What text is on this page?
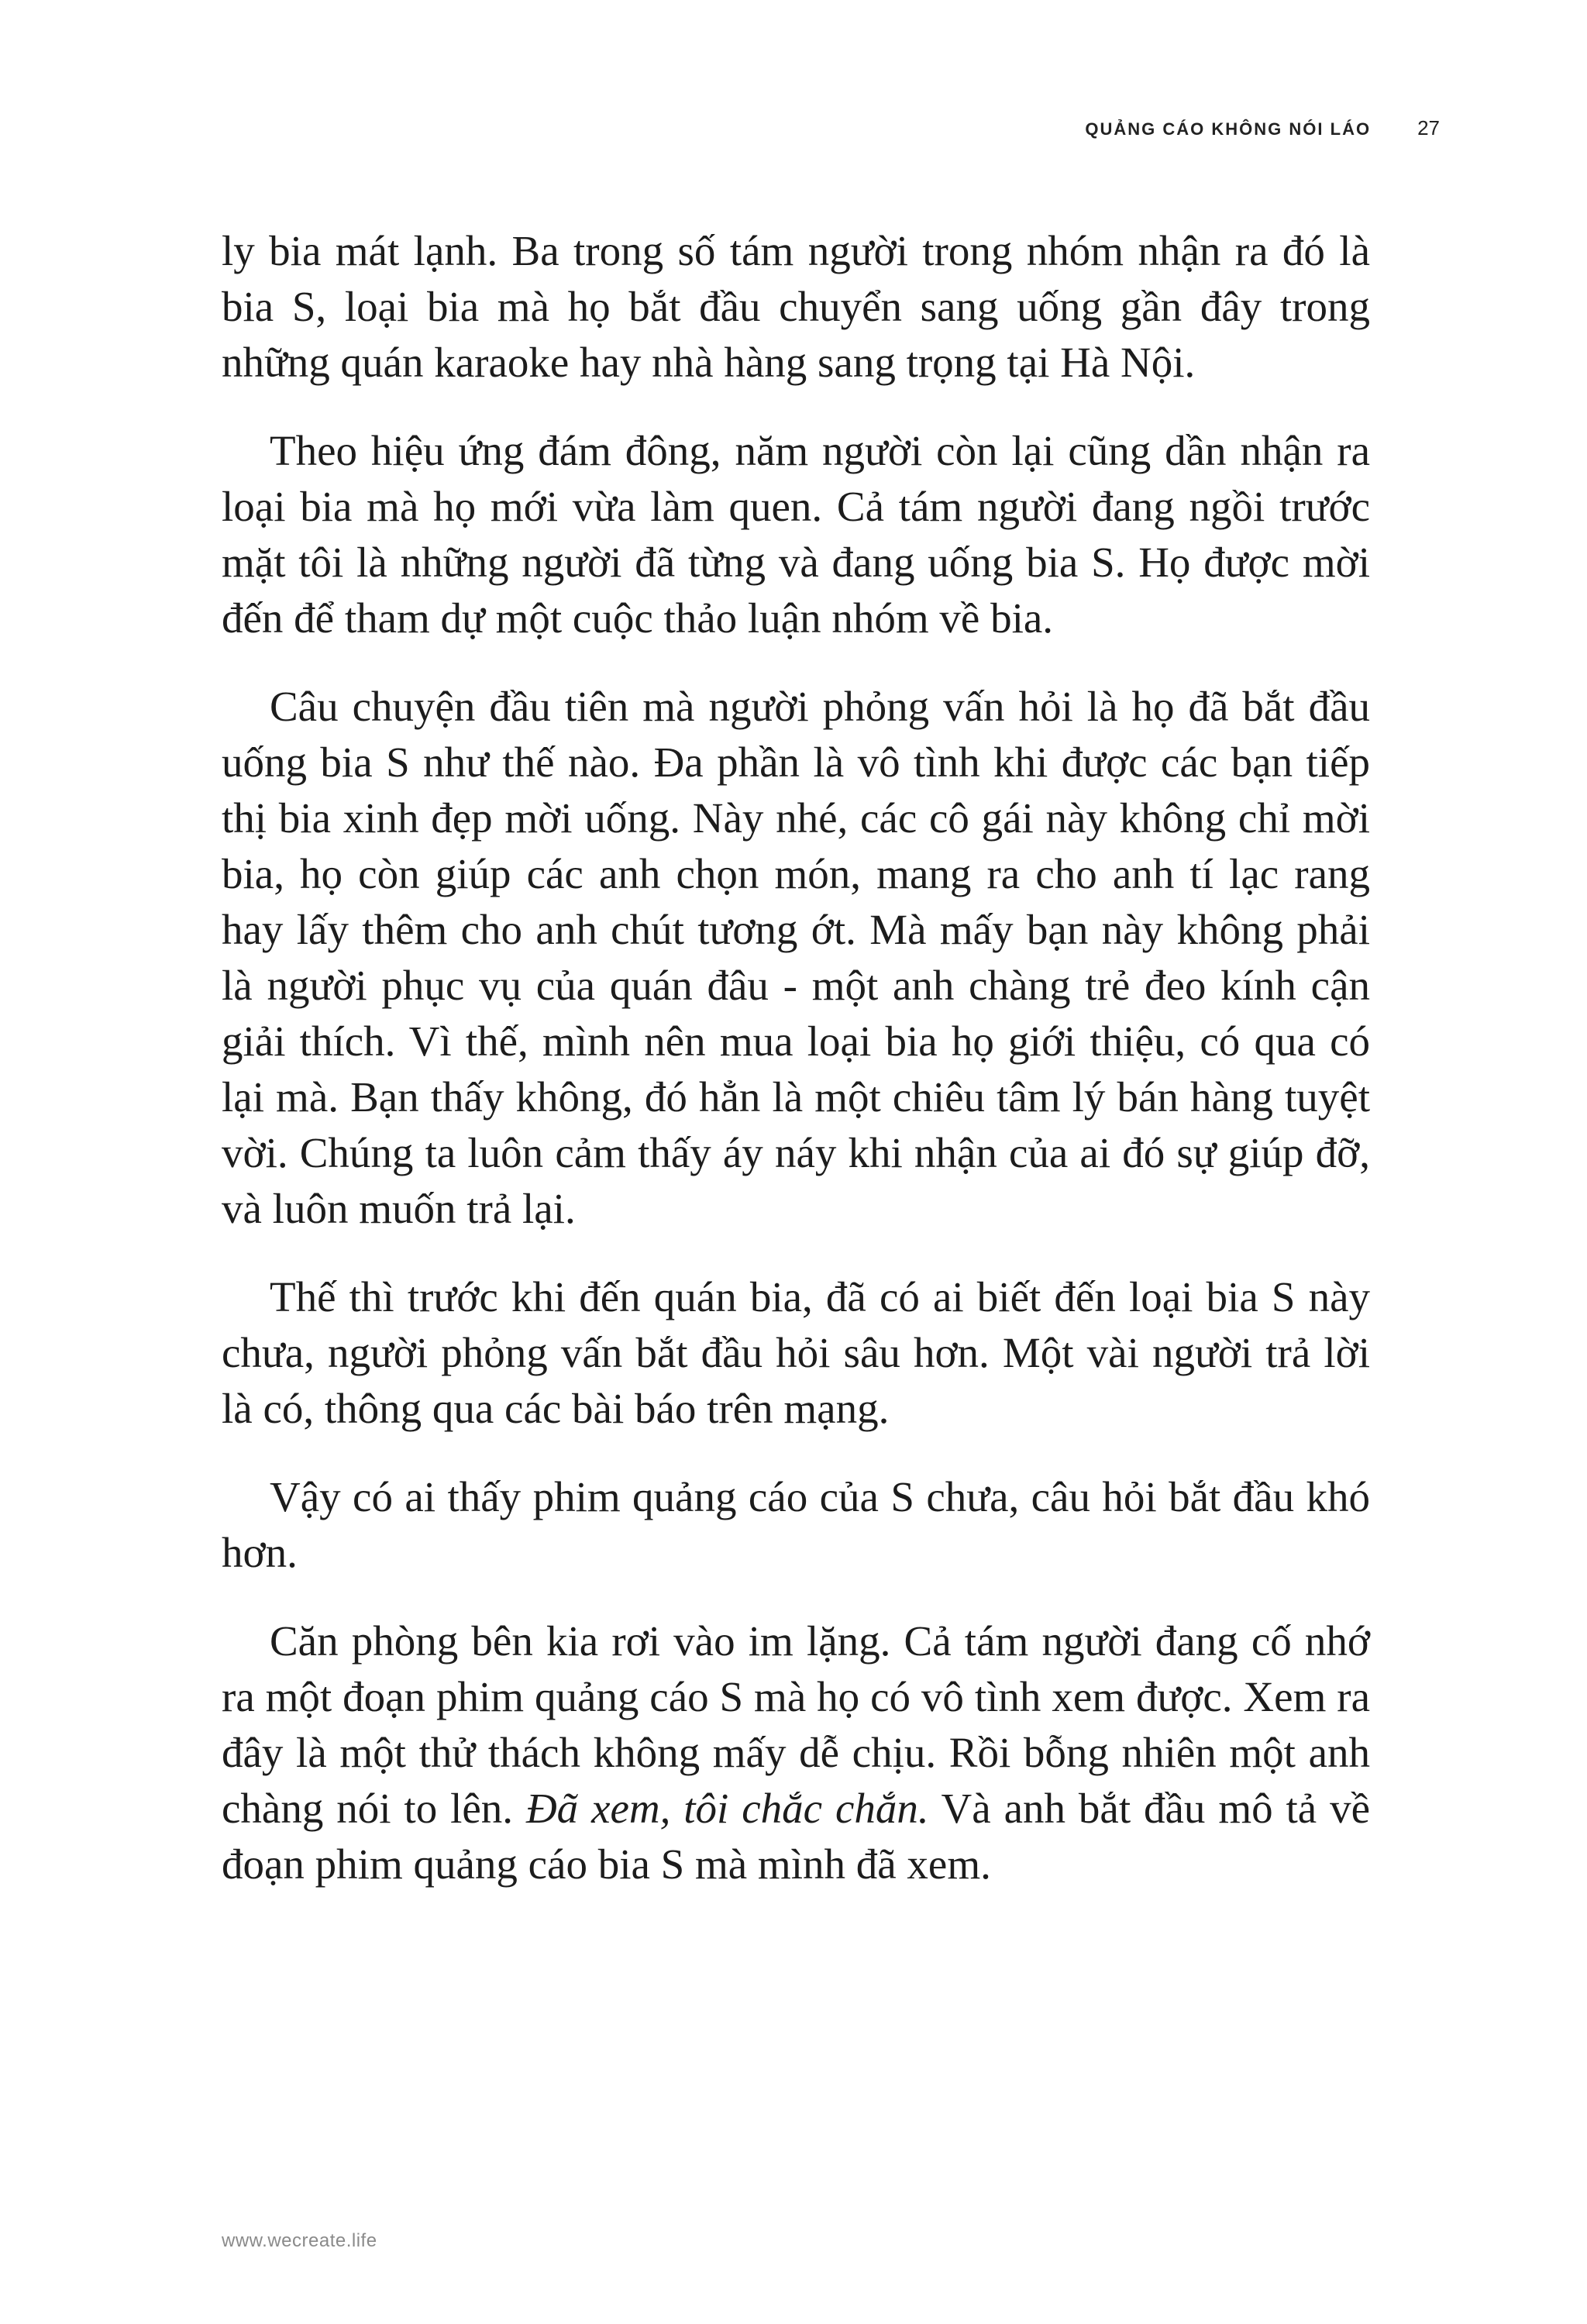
QUẢNG CÁO KHÔNG NÓI LÁO 27

ly bia mát lạnh. Ba trong số tám người trong nhóm nhận ra đó là bia S, loại bia mà họ bắt đầu chuyển sang uống gần đây trong những quán karaoke hay nhà hàng sang trọng tại Hà Nội.

Theo hiệu ứng đám đông, năm người còn lại cũng dần nhận ra loại bia mà họ mới vừa làm quen. Cả tám người đang ngồi trước mặt tôi là những người đã từng và đang uống bia S. Họ được mời đến để tham dự một cuộc thảo luận nhóm về bia.

Câu chuyện đầu tiên mà người phỏng vấn hỏi là họ đã bắt đầu uống bia S như thế nào. Đa phần là vô tình khi được các bạn tiếp thị bia xinh đẹp mời uống. Này nhé, các cô gái này không chỉ mời bia, họ còn giúp các anh chọn món, mang ra cho anh tí lạc rang hay lấy thêm cho anh chút tương ớt. Mà mấy bạn này không phải là người phục vụ của quán đâu - một anh chàng trẻ đeo kính cận giải thích. Vì thế, mình nên mua loại bia họ giới thiệu, có qua có lại mà. Bạn thấy không, đó hẳn là một chiêu tâm lý bán hàng tuyệt vời. Chúng ta luôn cảm thấy áy náy khi nhận của ai đó sự giúp đỡ, và luôn muốn trả lại.

Thế thì trước khi đến quán bia, đã có ai biết đến loại bia S này chưa, người phỏng vấn bắt đầu hỏi sâu hơn. Một vài người trả lời là có, thông qua các bài báo trên mạng.

Vậy có ai thấy phim quảng cáo của S chưa, câu hỏi bắt đầu khó hơn.

Căn phòng bên kia rơi vào im lặng. Cả tám người đang cố nhớ ra một đoạn phim quảng cáo S mà họ có vô tình xem được. Xem ra đây là một thử thách không mấy dễ chịu. Rồi bỗng nhiên một anh chàng nói to lên. Đã xem, tôi chắc chắn. Và anh bắt đầu mô tả về đoạn phim quảng cáo bia S mà mình đã xem.

www.wecreate.life
